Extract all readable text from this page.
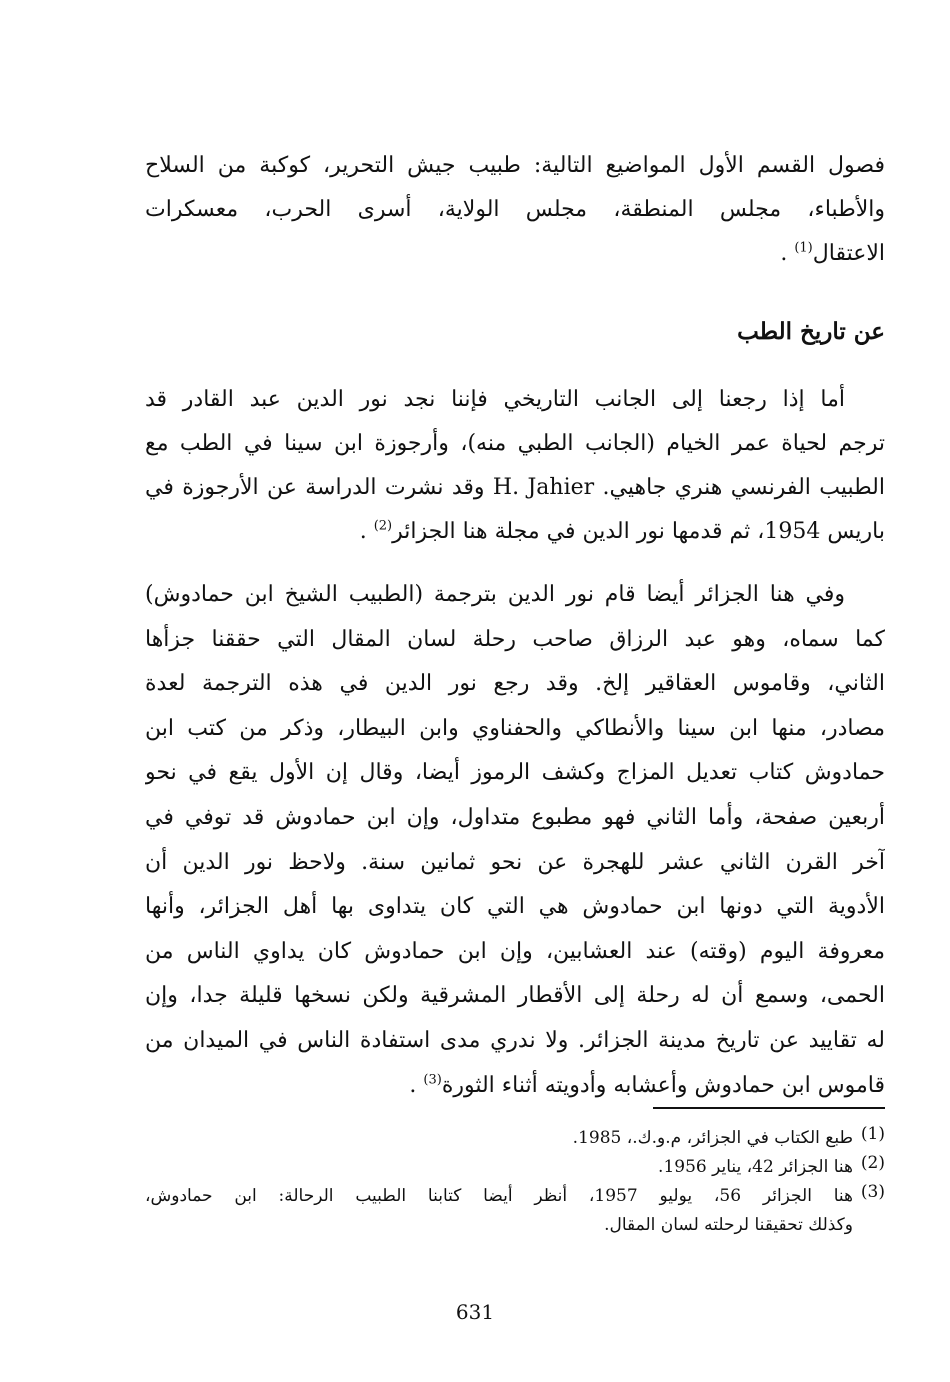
فصول القسم الأول المواضيع التالية: طبيب جيش التحرير، كوكبة من السلاح
والأطباء، مجلس المنطقة، مجلس الولاية، أسرى الحرب، معسكرات
الاعتقال$^{(1)}$ .
عن تاريخ الطب
أما إذا رجعنا إلى الجانب التاريخي فإننا نجد نور الدين عبد القادر قد
ترجم لحياة عمر الخيام (الجانب الطبي منه)، وأرجوزة ابن سينا في الطب مع
الطبيب الفرنسي هنري جاهيي. H. Jahier وقد نشرت الدراسة عن الأرجوزة في
باريس 1954، ثم قدمها نور الدين في مجلة هنا الجزائر$^{(2)}$ .
وفي هنا الجزائر أيضا قام نور الدين بترجمة (الطبيب الشيخ ابن حمادوش)
كما سماه، وهو عبد الرزاق صاحب رحلة لسان المقال التي حققنا جزأها
الثاني، وقاموس العقاقير إلخ. وقد رجع نور الدين في هذه الترجمة لعدة
مصادر، منها ابن سينا والأنطاكي والحفناوي وابن البيطار، وذكر من كتب ابن
حمادوش كتاب تعديل المزاج وكشف الرموز أيضا، وقال إن الأول يقع في نحو
أربعين صفحة، وأما الثاني فهو مطبوع متداول، وإن ابن حمادوش قد توفي في
آخر القرن الثاني عشر للهجرة عن نحو ثمانين سنة. ولاحظ نور الدين أن
الأدوية التي دونها ابن حمادوش هي التي كان يتداوى بها أهل الجزائر، وأنها
معروفة اليوم (وقته) عند العشابين، وإن ابن حمادوش كان يداوي الناس من
الحمى، وسمع أن له رحلة إلى الأقطار المشرقية ولكن نسخها قليلة جدا، وإن
له تقاييد عن تاريخ مدينة الجزائر. ولا ندري مدى استفادة الناس في الميدان من
قاموس ابن حمادوش وأعشابه وأدويته أثناء الثورة$^{(3)}$ .
(1)
طبع الكتاب في الجزائر، م.و.ك.، 1985.
(2)
هنا الجزائر 42، يناير 1956.
(3)
هنا الجزائر 56، يوليو 1957، أنظر أيضا كتابنا الطبيب الرحالة: ابن حمادوش،
وكذلك تحقيقنا لرحلته لسان المقال.
631
